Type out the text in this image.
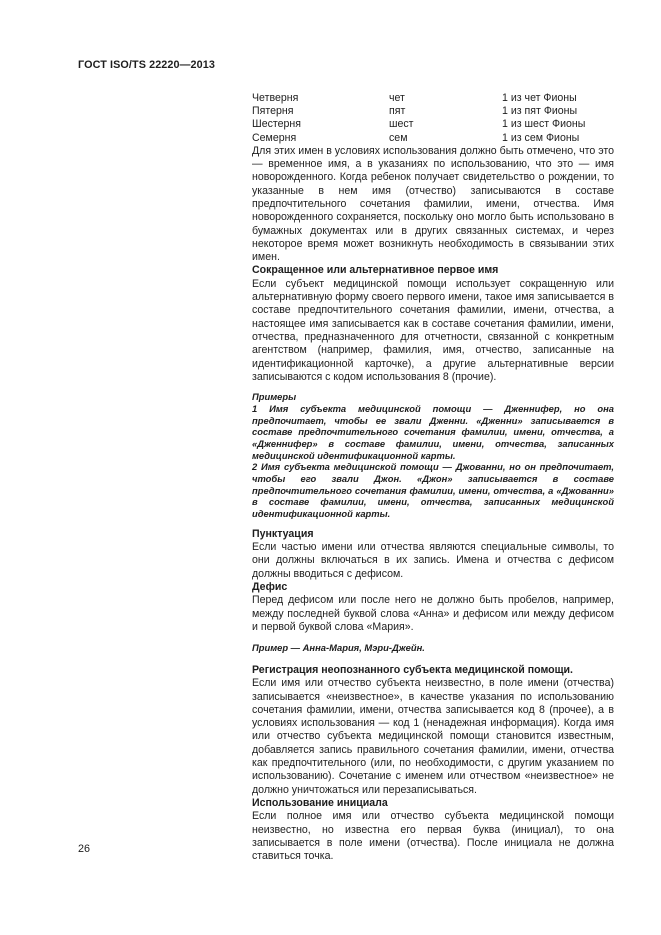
ГОСТ ISO/TS 22220—2013
Четверня	чет	1 из чет Фионы
Пятерня	пят	1 из пят Фионы
Шестерня	шест	1 из шест Фионы
Семерня	сем	1 из сем Фионы

Для этих имен в условиях использования должно быть отмечено, что это — временное имя, а в указаниях по использованию, что это — имя новорожденного. Когда ребенок получает свидетельство о рождении, то указанные в нем имя (отчество) записываются в составе предпочтительного сочетания фамилии, имени, отчества. Имя новорожденного сохраняется, поскольку оно могло быть использовано в бумажных документах или в других связанных системах, и через некоторое время может возникнуть необходимость в связывании этих имен.

Сокращенное или альтернативное первое имя

Если субъект медицинской помощи использует сокращенную или альтернативную форму своего первого имени, такое имя записывается в составе предпочтительного сочетания фамилии, имени, отчества, а настоящее имя записывается как в составе сочетания фамилии, имени, отчества, предназначенного для отчетности, связанной с конкретным агентством (например, фамилия, имя, отчество, записанные на идентификационной карточке), а другие альтернативные версии записываются с кодом использования 8 (прочие).

Примеры

1 Имя субъекта медицинской помощи — Дженнифер, но она предпочитает, чтобы ее звали Дженни. «Дженни» записывается в составе предпочтительного сочетания фамилии, имени, отчества, а «Дженнифер» в составе фамилии, имени, отчества, записанных медицинской идентификационной карты.

2 Имя субъекта медицинской помощи — Джованни, но он предпочитает, чтобы его звали Джон. «Джон» записывается в составе предпочтительного сочетания фамилии, имени, отчества, а «Джованни» в составе фамилии, имени, отчества, записанных медицинской идентификационной карты.

Пунктуация

Если частью имени или отчества являются специальные символы, то они должны включаться в их запись. Имена и отчества с дефисом должны вводиться с дефисом.

Дефис

Перед дефисом или после него не должно быть пробелов, например, между последней буквой слова «Анна» и дефисом или между дефисом и первой буквой слова «Мария».

Пример — Анна-Мария, Мэри-Джейн.

Регистрация неопознанного субъекта медицинской помощи.

Если имя или отчество субъекта неизвестно, в поле имени (отчества) записывается «неизвестное», в качестве указания по использованию сочетания фамилии, имени, отчества записывается код 8 (прочее), а в условиях использования — код 1 (ненадежная информация). Когда имя или отчество субъекта медицинской помощи становится известным, добавляется запись правильного сочетания фамилии, имени, отчества как предпочтительного (или, по необходимости, с другим указанием по использованию). Сочетание с именем или отчеством «неизвестное» не должно уничтожаться или перезаписываться.

Использование инициала

Если полное имя или отчество субъекта медицинской помощи неизвестно, но известна его первая буква (инициал), то она записывается в поле имени (отчества). После инициала не должна ставиться точка.

26
